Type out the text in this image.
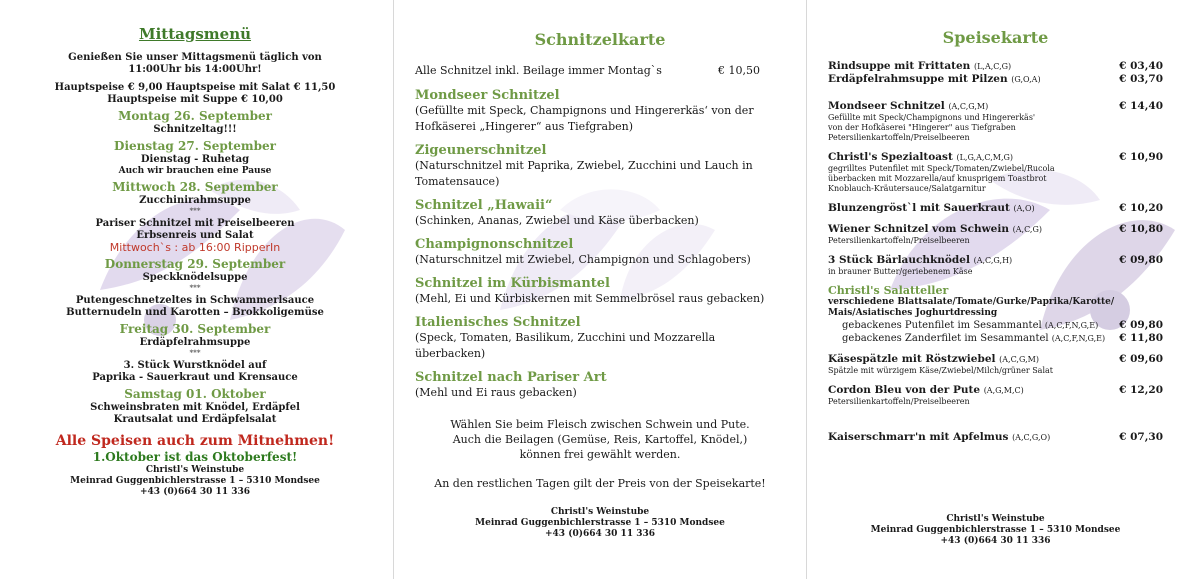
Mittagsmenü
Genießen Sie unser Mittagsmenü täglich von 11:00Uhr bis 14:00Uhr!
Hauptspeise € 9,00 Hauptspeise mit Salat € 11,50
Hauptspeise mit Suppe € 10,00
Montag 26. September
Schnitzeltag!!!
Dienstag 27. September
Dienstag - Ruhetag
Auch wir brauchen eine Pause
Mittwoch 28. September
Zucchinirahmsuppe
***
Pariser Schnitzel mit Preiselbeeren
Erbsenreis und Salat
Mittwoch`s : ab 16:00 RipperIn
Donnerstag 29. September
Speckknödelsuppe
***
Putengeschnetzeltes in Schwammerlsauce
Butternudeln und Karotten – Brokkoligemüse
Freitag 30. September
Erdäpfelrahmsuppe
***
3. Stück Wurstknödel auf
Paprika - Sauerkraut und Krensauce
Samstag 01. Oktober
Schweinsbraten mit Knödel, Erdäpfel
Krautsalat und Erdäpfelsalat
Alle Speisen auch zum Mitnehmen!
1.Oktober ist das Oktoberfest!
Christl's Weinstube
Meinrad Guggenbichlerstrasse 1 – 5310 Mondsee
+43 (0)664 30 11 336
Schnitzelkarte
Alle Schnitzel inkl. Beilage immer Montag`s	€ 10,50
Mondseer Schnitzel
(Gefüllte mit Speck, Champignons und Hingererkäs‘ von der Hofkäserei „Hingerer“ aus Tiefgraben)
Zigeunerschnitzel
(Naturschnitzel mit Paprika, Zwiebel, Zucchini und Lauch in Tomatensauce)
Schnitzel „Hawaii“
(Schinken, Ananas, Zwiebel und Käse überbacken)
Champignonschnitzel
(Naturschnitzel mit Zwiebel, Champignon und Schlagobers)
Schnitzel im Kürbismantel
(Mehl, Ei und Kürbiskernen mit Semmelbrösel raus gebacken)
Italienisches Schnitzel
(Speck, Tomaten, Basilikum, Zucchini und Mozzarella überbacken)
Schnitzel nach Pariser Art
(Mehl und Ei raus gebacken)
Wählen Sie beim Fleisch zwischen Schwein und Pute.
Auch die Beilagen (Gemüse, Reis, Kartoffel, Knödel,)
können frei gewählt werden.
An den restlichen Tagen gilt der Preis von der Speisekarte!
Christl's Weinstube
Meinrad Guggenbichlerstrasse 1 – 5310 Mondsee
+43 (0)664 30 11 336
Speisekarte
Rindsuppe mit Frittaten (L,A,C,G)	€ 03,40
Erdäpfelrahmsuppe mit Pilzen (G,O,A)	€ 03,70
Mondseer Schnitzel (A,C,G,M)	€ 14,40
Gefüllte mit Speck/Champignons und Hingererkäs'
von der Hofkäserei "Hingerer" aus Tiefgraben
Petersilienkartoffeln/Preiselbeeren
Christl's Spezialtoast (L,G,A,C,M,G)	€ 10,90
gegrilltes Putenfilet mit Speck/Tomaten/Zwiebel/Rucola
überbacken mit Mozzarella/auf knusprigem Toastbrot
Knoblauch-Kräutersauce/Salatgarnitur
Blunzengröst`l mit Sauerkraut (A,O)	€ 10,20
Wiener Schnitzel vom Schwein (A,C,G)	€ 10,80
Petersilienkartoffeln/Preiselbeeren
3 Stück Bärlauchknödel (A,C,G,H)	€ 09,80
in brauner Butter/geriebenem Käse
Christl's Salatteller
verschiedene Blattsalate/Tomate/Gurke/Paprika/Karotte/
Mais/Asiatisches Joghurtdressing
gebackenes Putenfilet im Sesammantel (A,C,F,N,G,E) € 09,80
gebackenes Zanderfilet im Sesammantel (A,C,F,N,G,E) € 11,80
Käsespätzle mit Röstzwiebel (A,C,G,M)	€ 09,60
Spätzle mit würzigem Käse/Zwiebel/Milch/grüner Salat
Cordon Bleu von der Pute (A,G,M,C)	€ 12,20
Petersilienkartoffeln/Preiselbeeren
Kaiserschmarr'n mit Apfelmus (A,C,G,O)	€ 07,30
Christl's Weinstube
Meinrad Guggenbichlerstrasse 1 – 5310 Mondsee
+43 (0)664 30 11 336
